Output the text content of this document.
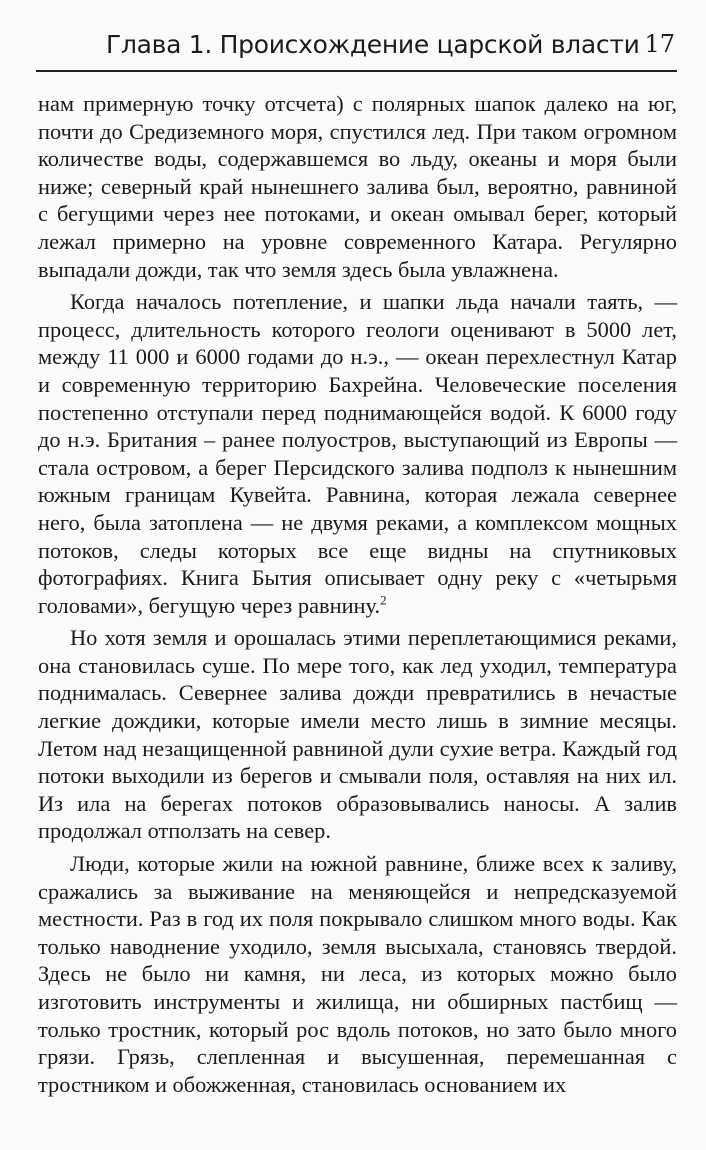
Глава 1. Происхождение царской власти 17

нам примерную точку отсчета) с полярных шапок далеко на юг, почти до Средиземного моря, спустился лед. При таком огромном количестве воды, содержавшемся во льду, океаны и моря были ниже; северный край нынешнего залива был, вероятно, равниной с бегущими через нее потоками, и океан омывал берег, который лежал примерно на уровне современного Катара. Регулярно выпадали дожди, так что земля здесь была увлажнена.

Когда началось потепление, и шапки льда начали таять, — процесс, длительность которого геологи оценивают в 5000 лет, между 11 000 и 6000 годами до н.э., — океан перехлестнул Катар и современную территорию Бахрейна. Человеческие поселения постепенно отступали перед поднимающейся водой. К 6000 году до н.э. Британия – ранее полуостров, выступающий из Европы — стала островом, а берег Персидского залива подполз к нынешним южным границам Кувейта. Равнина, которая лежала севернее него, была затоплена — не двумя реками, а комплексом мощных потоков, следы которых все еще видны на спутниковых фотографиях. Книга Бытия описывает одну реку с «четырьмя головами», бегущую через равнину.$^2$

Но хотя земля и орошалась этими переплетающимися реками, она становилась суше. По мере того, как лед уходил, температура поднималась. Севернее залива дожди превратились в нечастые легкие дождики, которые имели место лишь в зимние месяцы. Летом над незащищенной равниной дули сухие ветра. Каждый год потоки выходили из берегов и смывали поля, оставляя на них ил. Из ила на берегах потоков образовывались наносы. А залив продолжал отползать на север.

Люди, которые жили на южной равнине, ближе всех к заливу, сражались за выживание на меняющейся и непредсказуемой местности. Раз в год их поля покрывало слишком много воды. Как только наводнение уходило, земля высыхала, становясь твердой. Здесь не было ни камня, ни леса, из которых можно было изготовить инструменты и жилища, ни обширных пастбищ — только тростник, который рос вдоль потоков, но зато было много грязи. Грязь, слепленная и высушенная, перемешанная с тростником и обожженная, становилась основанием их
